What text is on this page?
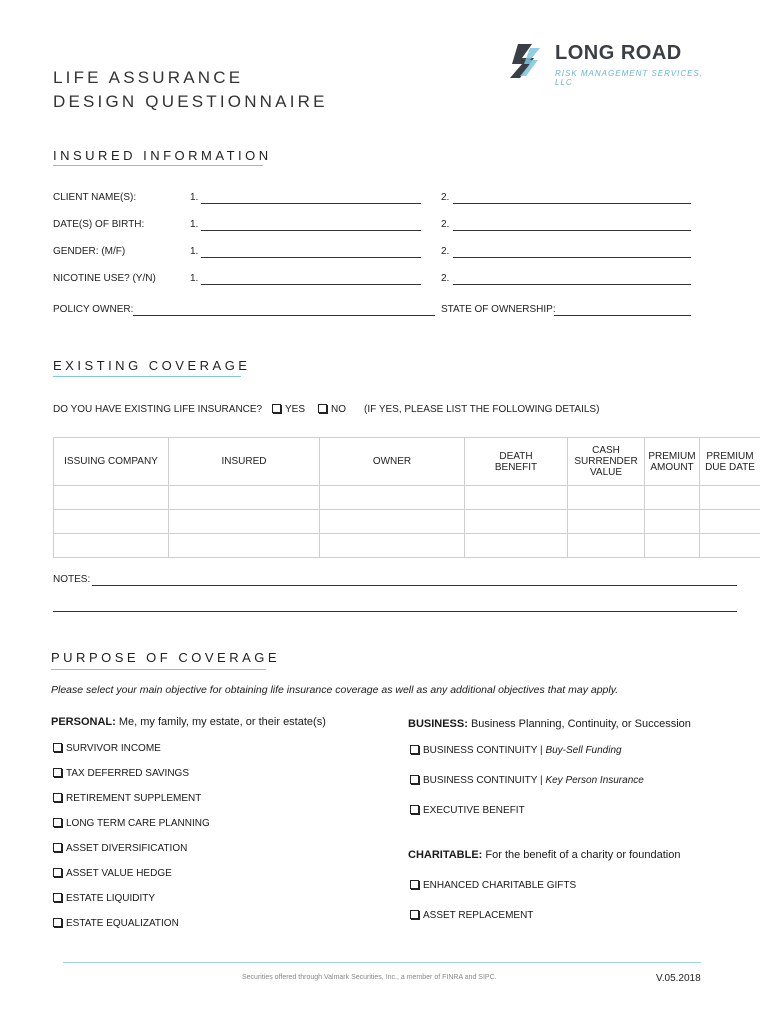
LONG ROAD
RISK MANAGEMENT SERVICES, LLC
LIFE ASSURANCE
DESIGN QUESTIONNAIRE
INSURED INFORMATION
CLIENT NAME(S):	1.	2.
DATE(S) OF BIRTH:	1.	2.
GENDER: (M/F)	1.	2.
NICOTINE USE? (Y/N)	1.	2.
POLICY OWNER:	STATE OF OWNERSHIP:
EXISTING COVERAGE
DO YOU HAVE EXISTING LIFE INSURANCE?	YES	NO (IF YES, PLEASE LIST THE FOLLOWING DETAILS)
ISSUING COMPANY	INSURED	OWNER	DEATH BENEFIT	CASH SURRENDER VALUE	PREMIUM AMOUNT	PREMIUM DUE DATE

NOTES:
PURPOSE OF COVERAGE
Please select your main objective for obtaining life insurance coverage as well as any additional objectives that may apply.
PERSONAL: Me, my family, my estate, or their estate(s)
SURVIVOR INCOME
TAX DEFERRED SAVINGS
RETIREMENT SUPPLEMENT
LONG TERM CARE PLANNING
ASSET DIVERSIFICATION
ASSET VALUE HEDGE
ESTATE LIQUIDITY
ESTATE EQUALIZATION
BUSINESS: Business Planning, Continuity, or Succession
BUSINESS CONTINUITY | Buy-Sell Funding
BUSINESS CONTINUITY | Key Person Insurance
EXECUTIVE BENEFIT
CHARITABLE: For the benefit of a charity or foundation
ENHANCED CHARITABLE GIFTS
ASSET REPLACEMENT
Securities offered through Valmark Securities, Inc., a member of FINRA and SIPC.	V.05.2018
